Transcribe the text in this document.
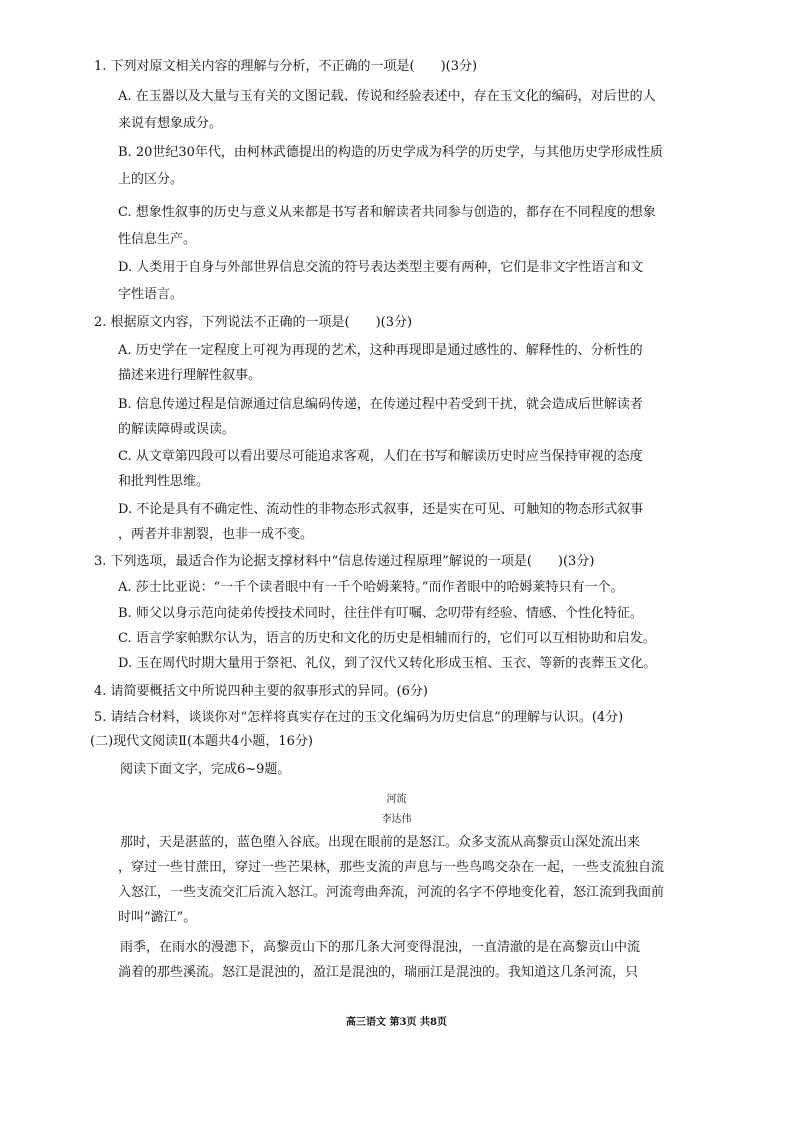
1. 下列对原文相关内容的理解与分析，不正确的一项是(　　)(3分)
A. 在玉器以及大量与玉有关的文图记载、传说和经验表述中，存在玉文化的编码，对后世的人
来说有想象成分。
B. 20世纪30年代，由柯林武德提出的构造的历史学成为科学的历史学，与其他历史学形成性质
上的区分。
C. 想象性叙事的历史与意义从来都是书写者和解读者共同参与创造的，都存在不同程度的想象
性信息生产。
D. 人类用于自身与外部世界信息交流的符号表达类型主要有两种，它们是非文字性语言和文
字性语言。
2. 根据原文内容，下列说法不正确的一项是(　　)(3分)
A. 历史学在一定程度上可视为再现的艺术，这种再现即是通过感性的、解释性的、分析性的
描述来进行理解性叙事。
B. 信息传递过程是信源通过信息编码传递，在传递过程中若受到干扰，就会造成后世解读者
的解读障碍或误读。
C. 从文章第四段可以看出要尽可能追求客观，人们在书写和解读历史时应当保持审视的态度
和批判性思维。
D. 不论是具有不确定性、流动性的非物态形式叙事，还是实在可见、可触知的物态形式叙事
，两者并非割裂，也非一成不变。
3. 下列选项，最适合作为论据支撑材料中“信息传递过程原理”解说的一项是(　　)(3分)
A. 莎士比亚说：“一千个读者眼中有一千个哈姆莱特。”而作者眼中的哈姆莱特只有一个。
B. 师父以身示范向徒弟传授技术同时，往往伴有叮嘱、念叨带有经验、情感、个性化特征。
C. 语言学家帕默尔认为，语言的历史和文化的历史是相辅而行的，它们可以互相协助和启发。
D. 玉在周代时期大量用于祭祀、礼仪，到了汉代又转化形成玉棺、玉衣、等新的丧葬玉文化。
4. 请简要概括文中所说四种主要的叙事形式的异同。(6分)
5. 请结合材料，谈谈你对“怎样将真实存在过的玉文化编码为历史信息”的理解与认识。(4分)
(二)现代文阅读Ⅱ(本题共4小题，16分)
阅读下面文字，完成6~9题。
河流
李达伟
那时，天是湛蓝的，蓝色堕入谷底。出现在眼前的是怒江。众多支流从高黎贡山深处流出来
，穿过一些甘蔗田，穿过一些芒果林，那些支流的声息与一些鸟鸣交杂在一起，一些支流独自流
入怒江，一些支流交汇后流入怒江。河流弯曲奔流，河流的名字不停地变化着，怒江流到我面前
时叫“潞江”。
雨季，在雨水的漫漶下，高黎贡山下的那几条大河变得混浊，一直清澈的是在高黎贡山中流
淌着的那些溪流。怒江是混浊的，盈江是混浊的，瑞丽江是混浊的。我知道这几条河流，只
高三语文 第3页 共8页
